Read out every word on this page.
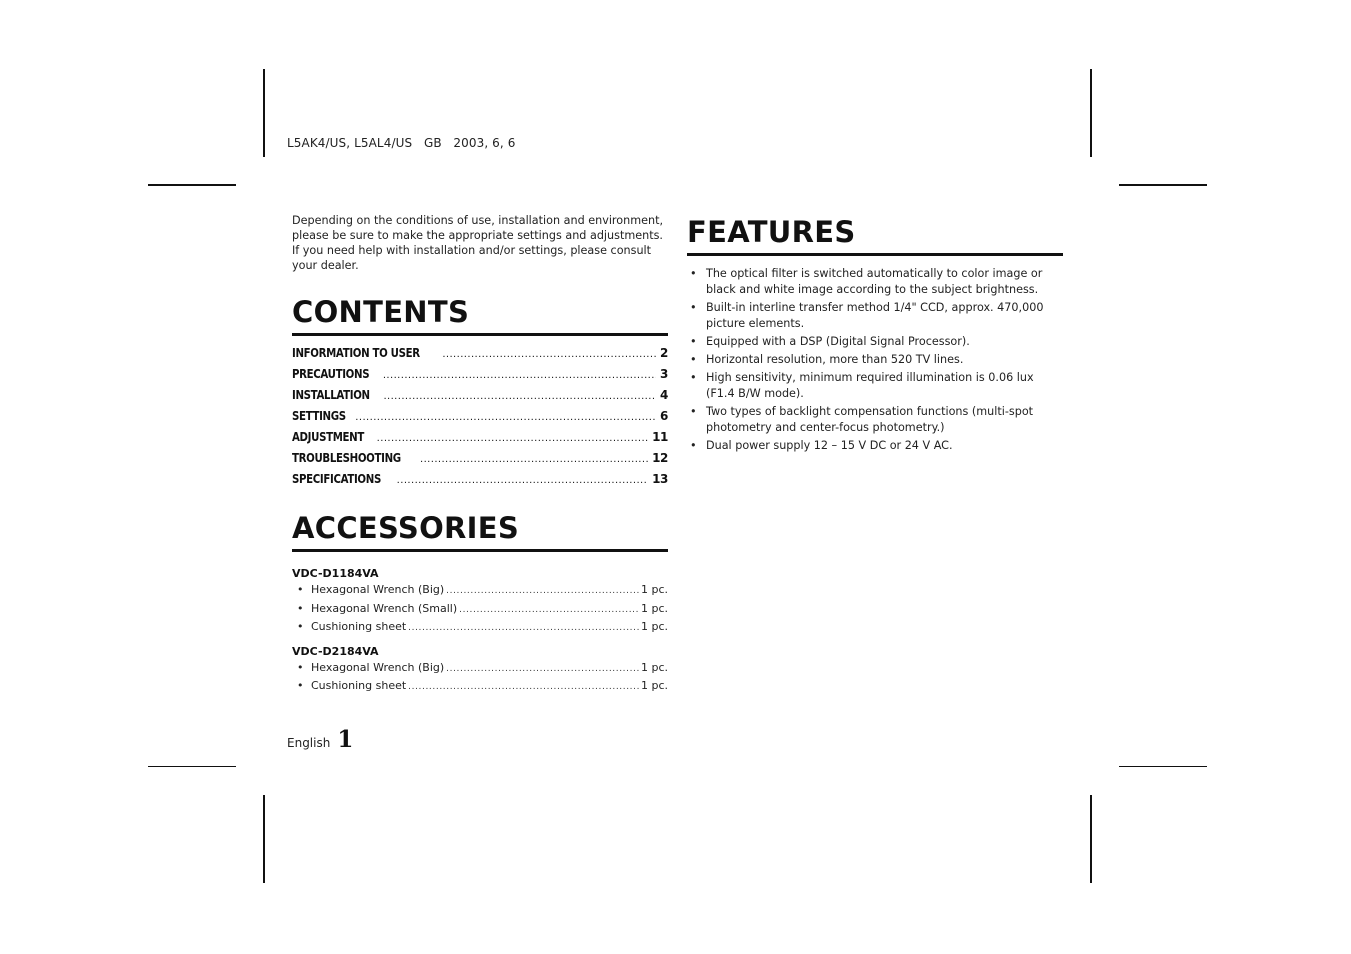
L5AK4/US, L5AL4/US   GB   2003, 6, 6

Depending on the conditions of use, installation and environment, please be sure to make the appropriate settings and adjustments.
If you need help with installation and/or settings, please consult your dealer.

CONTENTS
INFORMATION TO USER .....	2
PRECAUTIONS .....	3
INSTALLATION .....	4
SETTINGS .....	6
ADJUSTMENT .....	11
TROUBLESHOOTING .....	12
SPECIFICATIONS .....	13
ACCESSORIES
VDC-D1184VA
• Hexagonal Wrench (Big) .....	1 pc.
• Hexagonal Wrench (Small) .....	1 pc.
• Cushioning sheet .....	1 pc.
VDC-D2184VA
• Hexagonal Wrench (Big) .....	1 pc.
• Cushioning sheet .....	1 pc.
FEATURES
• The optical filter is switched automatically to color image or black and white image according to the subject brightness.
• Built-in interline transfer method 1/4" CCD, approx. 470,000 picture elements.
• Equipped with a DSP (Digital Signal Processor).
• Horizontal resolution, more than 520 TV lines.
• High sensitivity, minimum required illumination is 0.06 lux (F1.4 B/W mode).
• Two types of backlight compensation functions (multi-spot photometry and center-focus photometry.)
• Dual power supply 12 – 15 V DC or 24 V AC.
English 1
